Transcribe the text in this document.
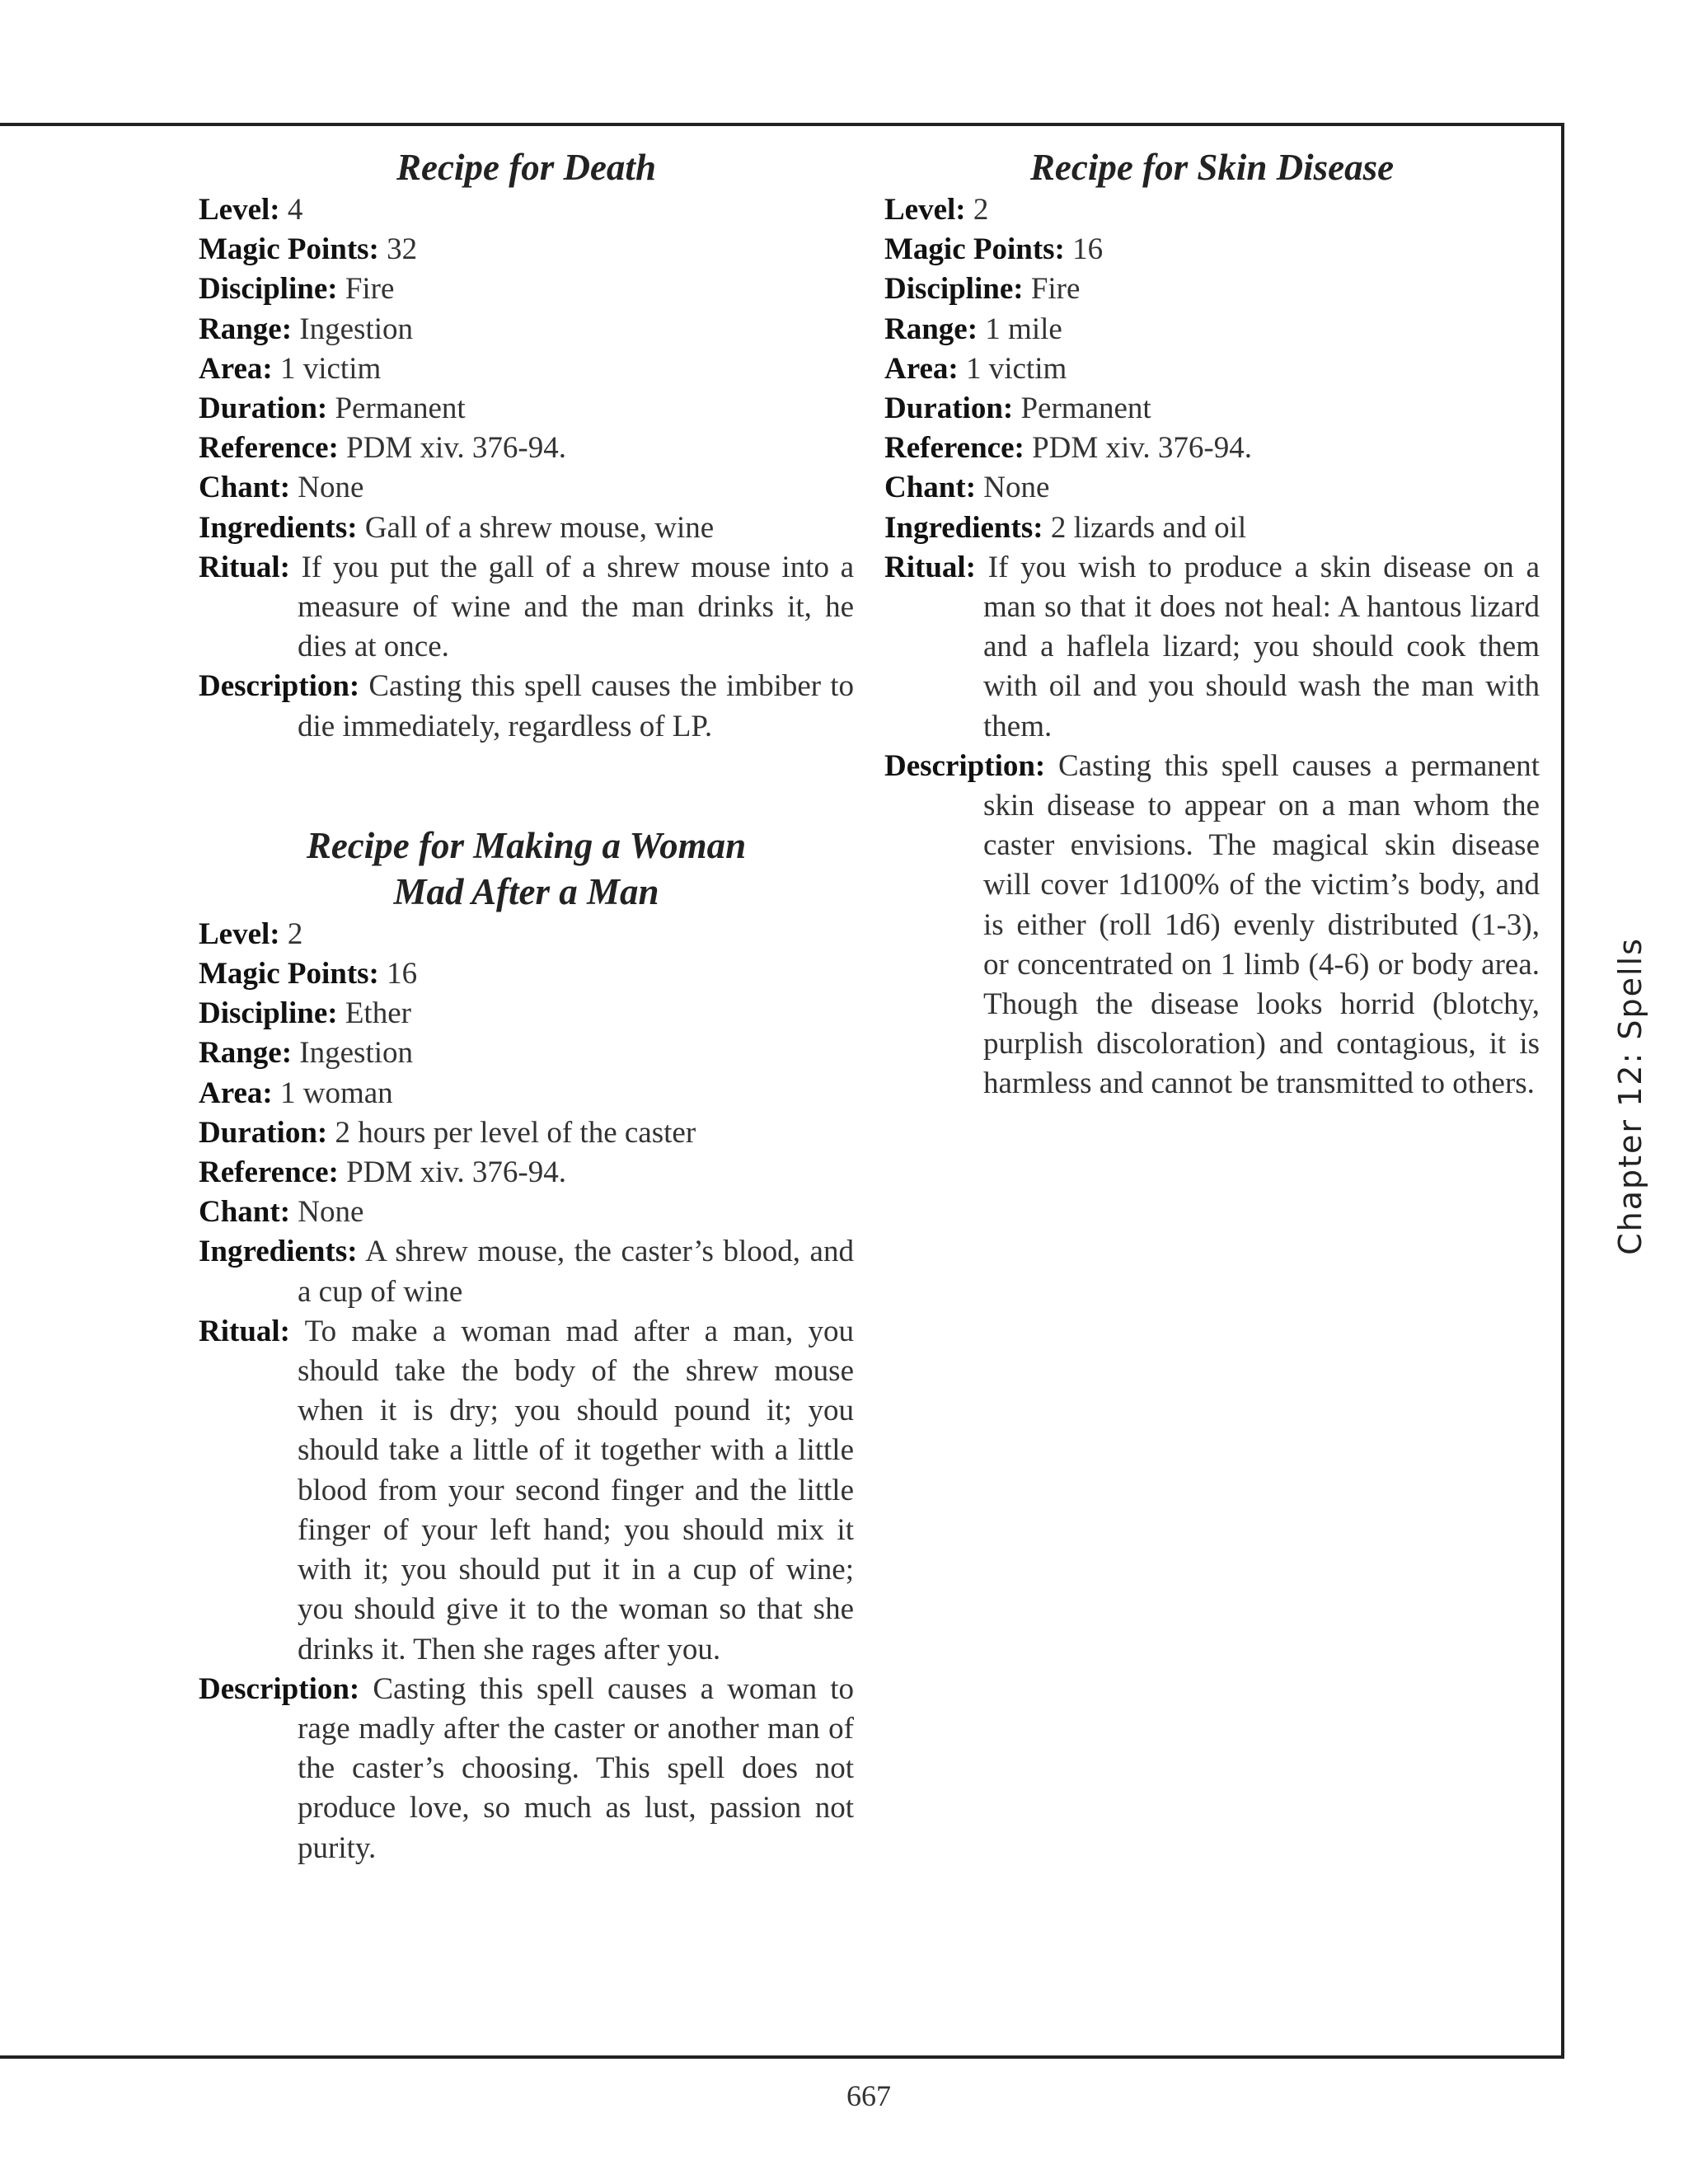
Recipe for Death

Level: 4

Magic Points: 32

Discipline: Fire

Range: Ingestion

Area: 1 victim

Duration: Permanent

Reference: PDM xiv. 376-94.

Chant: None

Ingredients: Gall of a shrew mouse, wine

Ritual: If you put the gall of a shrew mouse into a measure of wine and the man drinks it, he dies at once.

Description: Casting this spell causes the imbiber to die immediately, regardless of LP.

Recipe for Making a Woman
Mad After a Man

Level: 2

Magic Points: 16

Discipline: Ether

Range: Ingestion

Area: 1 woman

Duration: 2 hours per level of the caster

Reference: PDM xiv. 376-94.

Chant: None

Ingredients: A shrew mouse, the caster’s blood, and a cup of wine

Ritual: To make a woman mad after a man, you should take the body of the shrew mouse when it is dry; you should pound it; you should take a little of it together with a little blood from your second finger and the little finger of your left hand; you should mix it with it; you should put it in a cup of wine; you should give it to the woman so that she drinks it. Then she rages after you.

Description: Casting this spell causes a woman to rage madly after the caster or another man of the caster’s choosing. This spell does not produce love, so much as lust, passion not purity.

Recipe for Skin Disease

Level: 2

Magic Points: 16

Discipline: Fire

Range: 1 mile

Area: 1 victim

Duration: Permanent

Reference: PDM xiv. 376-94.

Chant: None

Ingredients: 2 lizards and oil

Ritual: If you wish to produce a skin disease on a man so that it does not heal: A hantous lizard and a haflela lizard; you should cook them with oil and you should wash the man with them.

Description: Casting this spell causes a permanent skin disease to appear on a man whom the caster envisions. The magical skin disease will cover 1d100% of the victim’s body, and is either (roll 1d6) evenly distributed (1-3), or concentrated on 1 limb (4-6) or body area. Though the disease looks horrid (blotchy, purplish discoloration) and contagious, it is harmless and cannot be transmitted to others. Chapter 12: Spells
667
